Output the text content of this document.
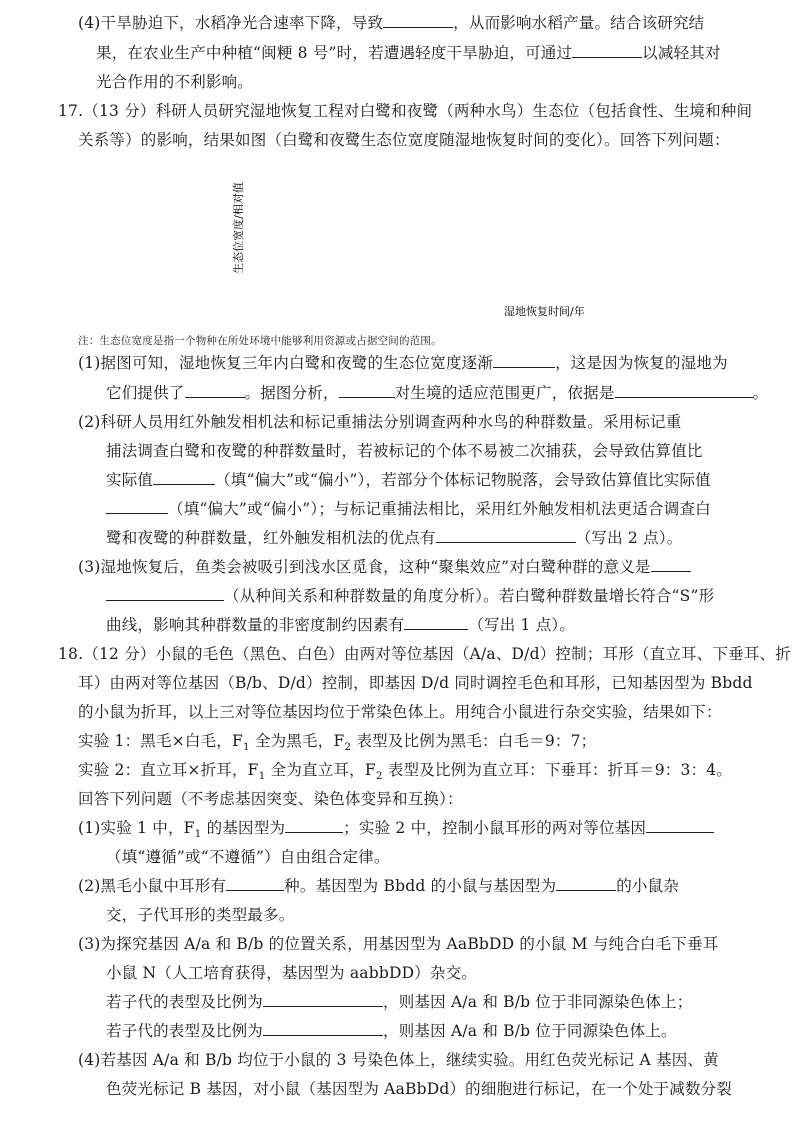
(4)干旱胁迫下，水稻净光合速率下降，导致	，从而影响水稻产量。结合该研究结
果，在农业生产中种植“闽粳 8 号”时，若遭遇轻度干旱胁迫，可通过	以减轻其对
光合作用的不利影响。
17.（13 分）科研人员研究湿地恢复工程对白鹭和夜鹭（两种水鸟）生态位（包括食性、生境和种间
关系等）的影响，结果如图（白鹭和夜鹭生态位宽度随湿地恢复时间的变化）。回答下列问题：
生态位宽度/相对值
湿地恢复时间/年
注：生态位宽度是指一个物种在所处环境中能够利用资源或占据空间的范围。
(1)据图可知，湿地恢复三年内白鹭和夜鹭的生态位宽度逐渐	，这是因为恢复的湿地为
它们提供了	。据图分析，	对生境的适应范围更广，依据是	。
(2)科研人员用红外触发相机法和标记重捕法分别调查两种水鸟的种群数量。采用标记重
捕法调查白鹭和夜鹭的种群数量时，若被标记的个体不易被二次捕获，会导致估算值比
实际值	（填“偏大”或“偏小”），若部分个体标记物脱落，会导致估算值比实际值
（填“偏大”或“偏小”）；与标记重捕法相比，采用红外触发相机法更适合调查白
鹭和夜鹭的种群数量，红外触发相机法的优点有	（写出 2 点）。
(3)湿地恢复后，鱼类会被吸引到浅水区觅食，这种“聚集效应”对白鹭种群的意义是
（从种间关系和种群数量的角度分析）。若白鹭种群数量增长符合“S”形
曲线，影响其种群数量的非密度制约因素有	（写出 1 点）。
18.（12 分）小鼠的毛色（黑色、白色）由两对等位基因（A/a、D/d）控制；耳形（直立耳、下垂耳、折
耳）由两对等位基因（B/b、D/d）控制，即基因 D/d 同时调控毛色和耳形，已知基因型为 Bbdd
的小鼠为折耳，以上三对等位基因均位于常染色体上。用纯合小鼠进行杂交实验，结果如下：
实验 1：黑毛×白毛，$F_1$ 全为黑毛，$F_2$ 表型及比例为黑毛：白毛＝9：7；
实验 2：直立耳×折耳，$F_1$ 全为直立耳，$F_2$ 表型及比例为直立耳：下垂耳：折耳＝9：3：4。
回答下列问题（不考虑基因突变、染色体变异和互换）：
(1)实验 1 中，$F_1$ 的基因型为	；实验 2 中，控制小鼠耳形的两对等位基因
（填“遵循”或“不遵循”）自由组合定律。
(2)黑毛小鼠中耳形有	种。基因型为 Bbdd 的小鼠与基因型为	的小鼠杂
交，子代耳形的类型最多。
(3)为探究基因 A/a 和 B/b 的位置关系，用基因型为 AaBbDD 的小鼠 M 与纯合白毛下垂耳
小鼠 N（人工培育获得，基因型为 aabbDD）杂交。
若子代的表型及比例为	，则基因 A/a 和 B/b 位于非同源染色体上；
若子代的表型及比例为	，则基因 A/a 和 B/b 位于同源染色体上。
(4)若基因 A/a 和 B/b 均位于小鼠的 3 号染色体上，继续实验。用红色荧光标记 A 基因、黄
色荧光标记 B 基因，对小鼠（基因型为 AaBbDd）的细胞进行标记，在一个处于减数分裂
